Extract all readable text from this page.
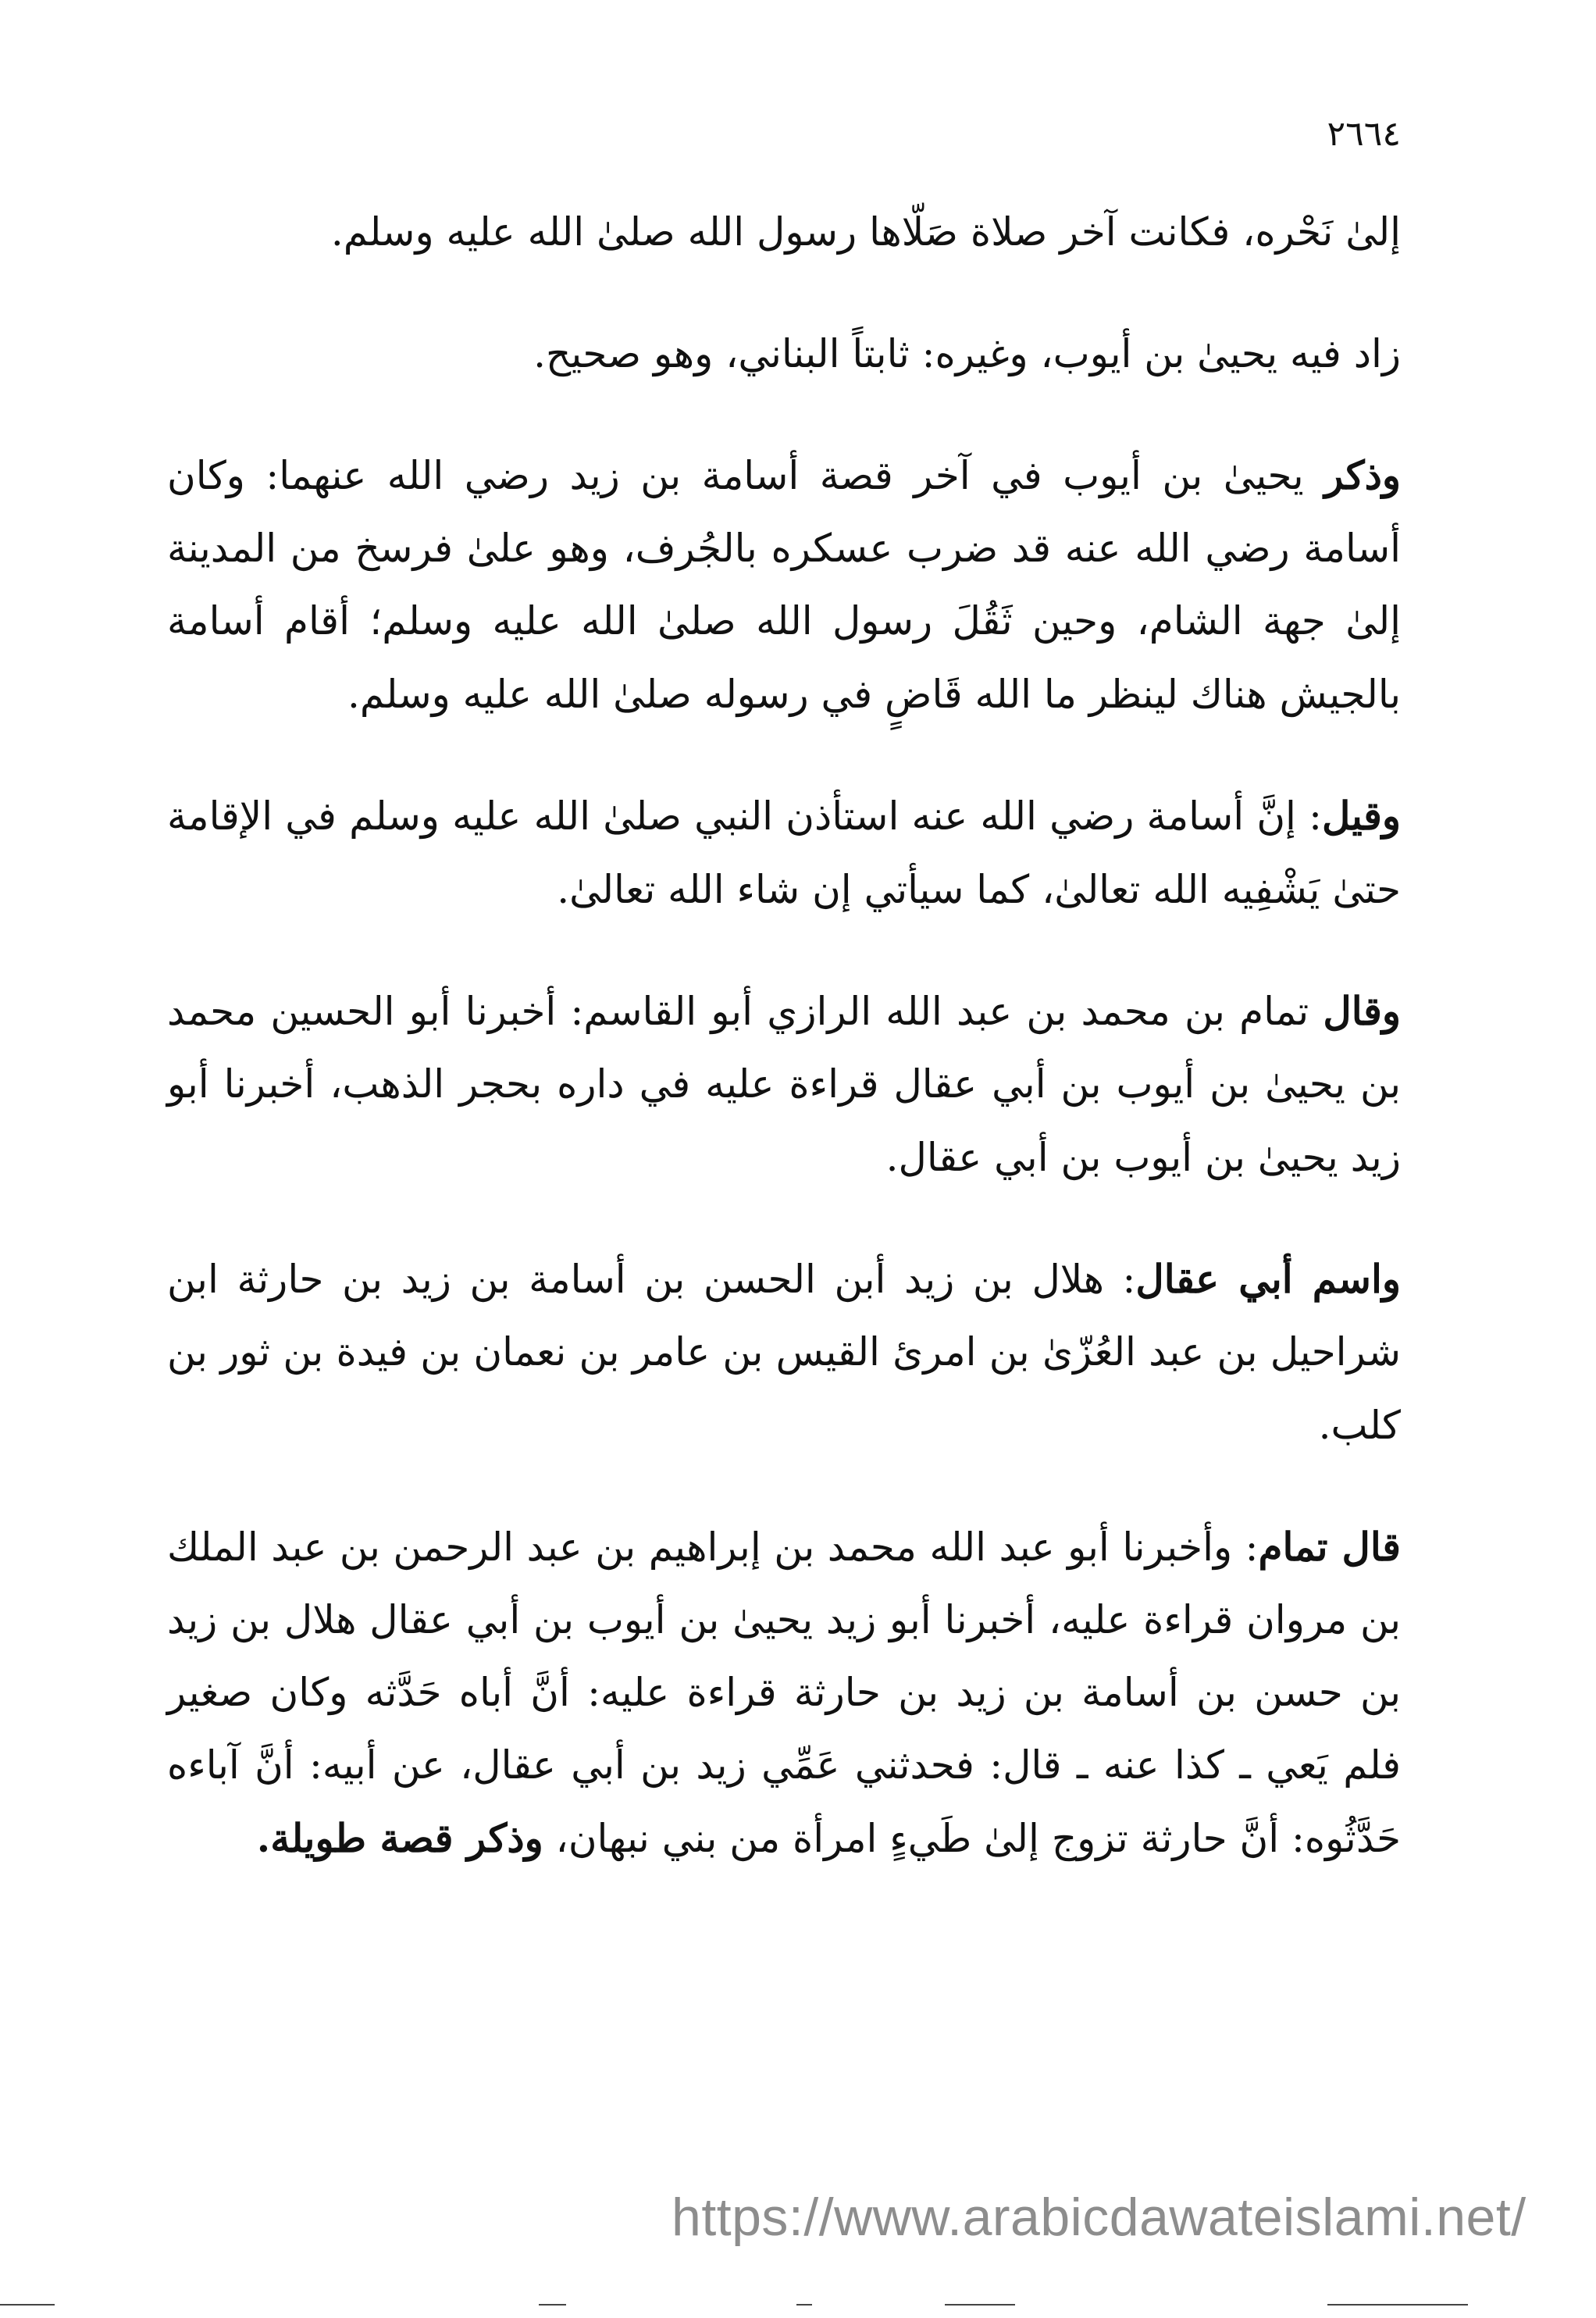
٢٦٦٤

إلىٰ نَحْره، فكانت آخر صلاة صَلّاها رسول الله صلىٰ الله عليه وسلم.

زاد فيه يحيىٰ بن أيوب، وغيره: ثابتاً البناني، وهو صحيح.

وذكر يحيىٰ بن أيوب في آخر قصة أسامة بن زيد رضي الله عنهما: وكان أسامة رضي الله عنه قد ضرب عسكره بالجُرف، وهو علىٰ فرسخ من المدينة إلىٰ جهة الشام، وحين ثَقُلَ رسول الله صلىٰ الله عليه وسلم؛ أقام أسامة بالجيش هناك لينظر ما الله قَاضٍ في رسوله صلىٰ الله عليه وسلم.

وقيل: إنَّ أسامة رضي الله عنه استأذن النبي صلىٰ الله عليه وسلم في الإقامة حتىٰ يَشْفِيه الله تعالىٰ، كما سيأتي إن شاء الله تعالىٰ.

وقال تمام بن محمد بن عبد الله الرازي أبو القاسم: أخبرنا أبو الحسين محمد بن يحيىٰ بن أيوب بن أبي عقال قراءة عليه في داره بحجر الذهب، أخبرنا أبو زيد يحيىٰ بن أيوب بن أبي عقال.

واسم أبي عقال: هلال بن زيد أبن الحسن بن أسامة بن زيد بن حارثة ابن شراحيل بن عبد العُزّىٰ بن امرئ القيس بن عامر بن نعمان بن فيدة بن ثور بن كلب.

قال تمام: وأخبرنا أبو عبد الله محمد بن إبراهيم بن عبد الرحمن بن عبد الملك بن مروان قراءة عليه، أخبرنا أبو زيد يحيىٰ بن أيوب بن أبي عقال هلال بن زيد بن حسن بن أسامة بن زيد بن حارثة قراءة عليه: أنَّ أباه حَدَّثه وكان صغير فلم يَعي ـ كذا عنه ـ قال: فحدثني عَمِّي زيد بن أبي عقال، عن أبيه: أنَّ آباءه حَدَّثُوه: أنَّ حارثة تزوج إلىٰ طَيءٍ امرأة من بني نبهان، وذكر قصة طويلة.

https://www.arabicdawateislami.net/
